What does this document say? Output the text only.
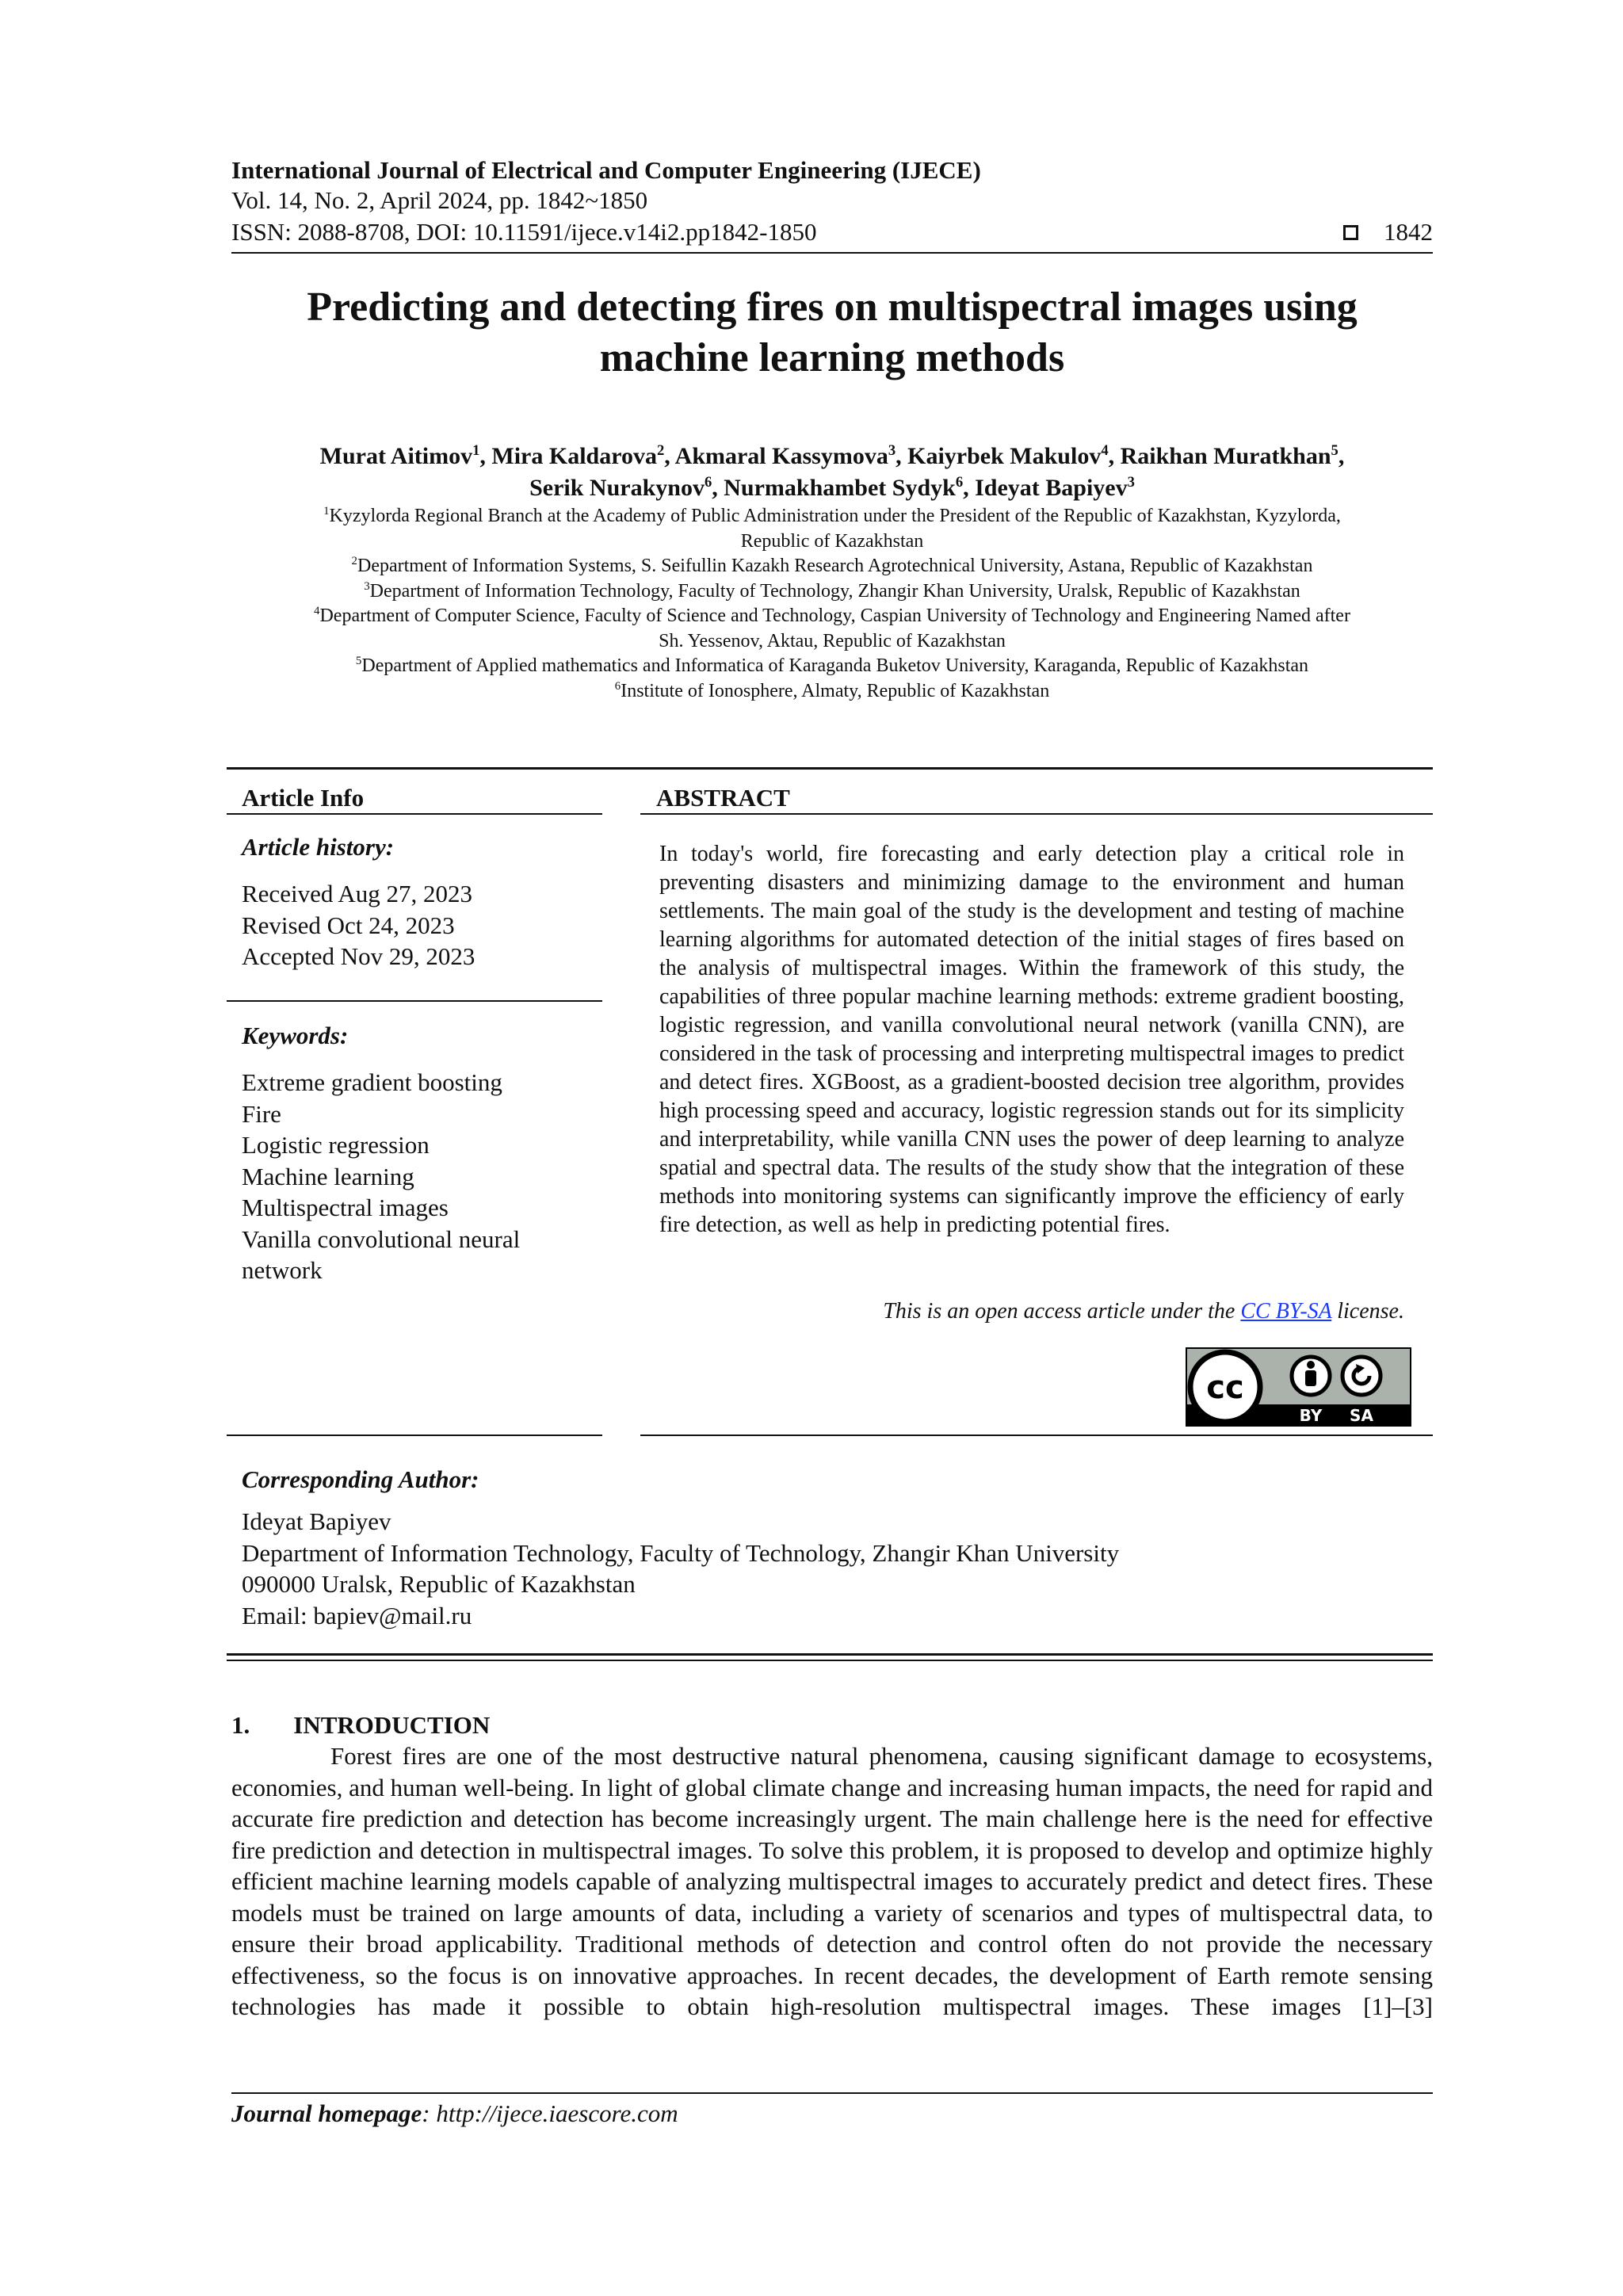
International Journal of Electrical and Computer Engineering (IJECE)
Vol. 14, No. 2, April 2024, pp. 1842~1850
ISSN: 2088-8708, DOI: 10.11591/ijece.v14i2.pp1842-1850	1842
Predicting and detecting fires on multispectral images using
machine learning methods
Murat Aitimov$^1$, Mira Kaldarova$^2$, Akmaral Kassymova$^3$, Kaiyrbek Makulov$^4$, Raikhan Muratkhan$^5$,
Serik Nurakynov$^6$, Nurmakhambet Sydyk$^6$, Ideyat Bapiyev$^3$
$^1$Kyzylorda Regional Branch at the Academy of Public Administration under the President of the Republic of Kazakhstan, Kyzylorda,
Republic of Kazakhstan
$^2$Department of Information Systems, S. Seifullin Kazakh Research Agrotechnical University, Astana, Republic of Kazakhstan
$^3$Department of Information Technology, Faculty of Technology, Zhangir Khan University, Uralsk, Republic of Kazakhstan
$^4$Department of Computer Science, Faculty of Science and Technology, Caspian University of Technology and Engineering Named after
Sh. Yessenov, Aktau, Republic of Kazakhstan
$^5$Department of Applied mathematics and Informatica of Karaganda Buketov University, Karaganda, Republic of Kazakhstan
$^6$Institute of Ionosphere, Almaty, Republic of Kazakhstan
Article Info
Article history:
Received Aug 27, 2023
Revised Oct 24, 2023
Accepted Nov 29, 2023
Keywords:
Extreme gradient boosting
Fire
Logistic regression
Machine learning
Multispectral images
Vanilla convolutional neural
network
ABSTRACT
In today's world, fire forecasting and early detection play a critical role in preventing disasters and minimizing damage to the environment and human settlements. The main goal of the study is the development and testing of machine learning algorithms for automated detection of the initial stages of fires based on the analysis of multispectral images. Within the framework of this study, the capabilities of three popular machine learning methods: extreme gradient boosting, logistic regression, and vanilla convolutional neural network (vanilla CNN), are considered in the task of processing and interpreting multispectral images to predict and detect fires. XGBoost, as a gradient-boosted decision tree algorithm, provides high processing speed and accuracy, logistic regression stands out for its simplicity and interpretability, while vanilla CNN uses the power of deep learning to analyze spatial and spectral data. The results of the study show that the integration of these methods into monitoring systems can significantly improve the efficiency of early fire detection, as well as help in predicting potential fires.
This is an open access article under the CC BY-SA license.
cc
BY SA
Corresponding Author:
Ideyat Bapiyev
Department of Information Technology, Faculty of Technology, Zhangir Khan University
090000 Uralsk, Republic of Kazakhstan
Email: bapiev@mail.ru
1. INTRODUCTION
Forest fires are one of the most destructive natural phenomena, causing significant damage to ecosystems, economies, and human well-being. In light of global climate change and increasing human impacts, the need for rapid and accurate fire prediction and detection has become increasingly urgent. The main challenge here is the need for effective fire prediction and detection in multispectral images. To solve this problem, it is proposed to develop and optimize highly efficient machine learning models capable of analyzing multispectral images to accurately predict and detect fires. These models must be trained on large amounts of data, including a variety of scenarios and types of multispectral data, to ensure their broad applicability. Traditional methods of detection and control often do not provide the necessary effectiveness, so the focus is on innovative approaches. In recent decades, the development of Earth remote sensing technologies has made it possible to obtain high-resolution multispectral images. These images [1]–[3]
Journal homepage: http://ijece.iaescore.com
